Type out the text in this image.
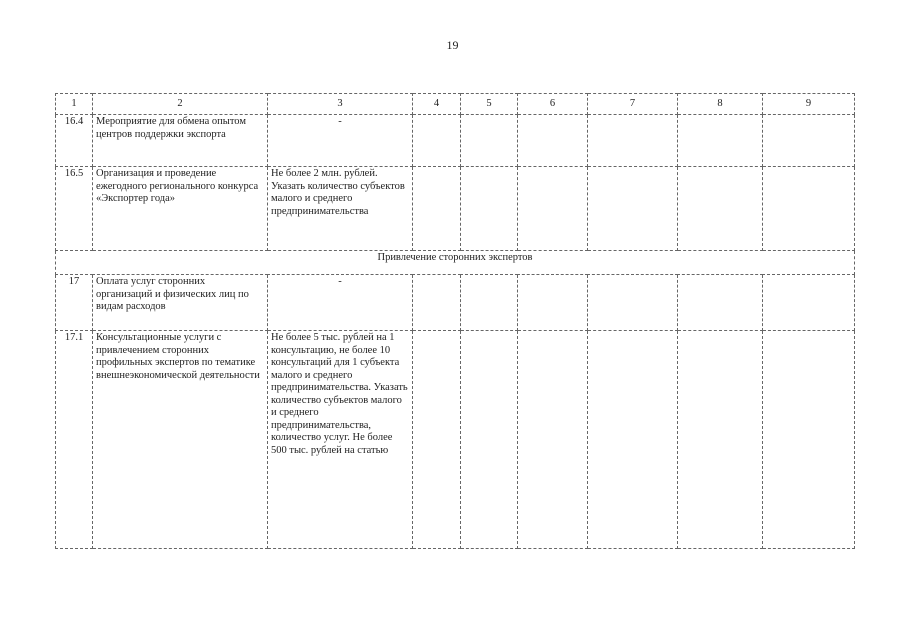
19
1	2	3	4	5	6	7	8	9
16.4	Мероприятие для обмена опытом центров поддержки экспорта	-						
16.5	Организация и проведение ежегодного регионального конкурса «Экспортер года»	Не более 2 млн. рублей. Указать количество субъектов малого и среднего предпринимательства						
Привлечение сторонних экспертов								
17	Оплата услуг сторонних организаций и физических лиц по видам расходов	-						
17.1	Консультационные услуги с привлечением сторонних профильных экспертов по тематике внешнеэкономической деятельности	Не более 5 тыс. рублей на 1 консультацию, не более 10 консультаций для 1 субъекта малого и среднего предпринимательства. Указать количество субъектов малого и среднего предпринимательства, количество услуг. Не более 500 тыс. рублей на статью						
